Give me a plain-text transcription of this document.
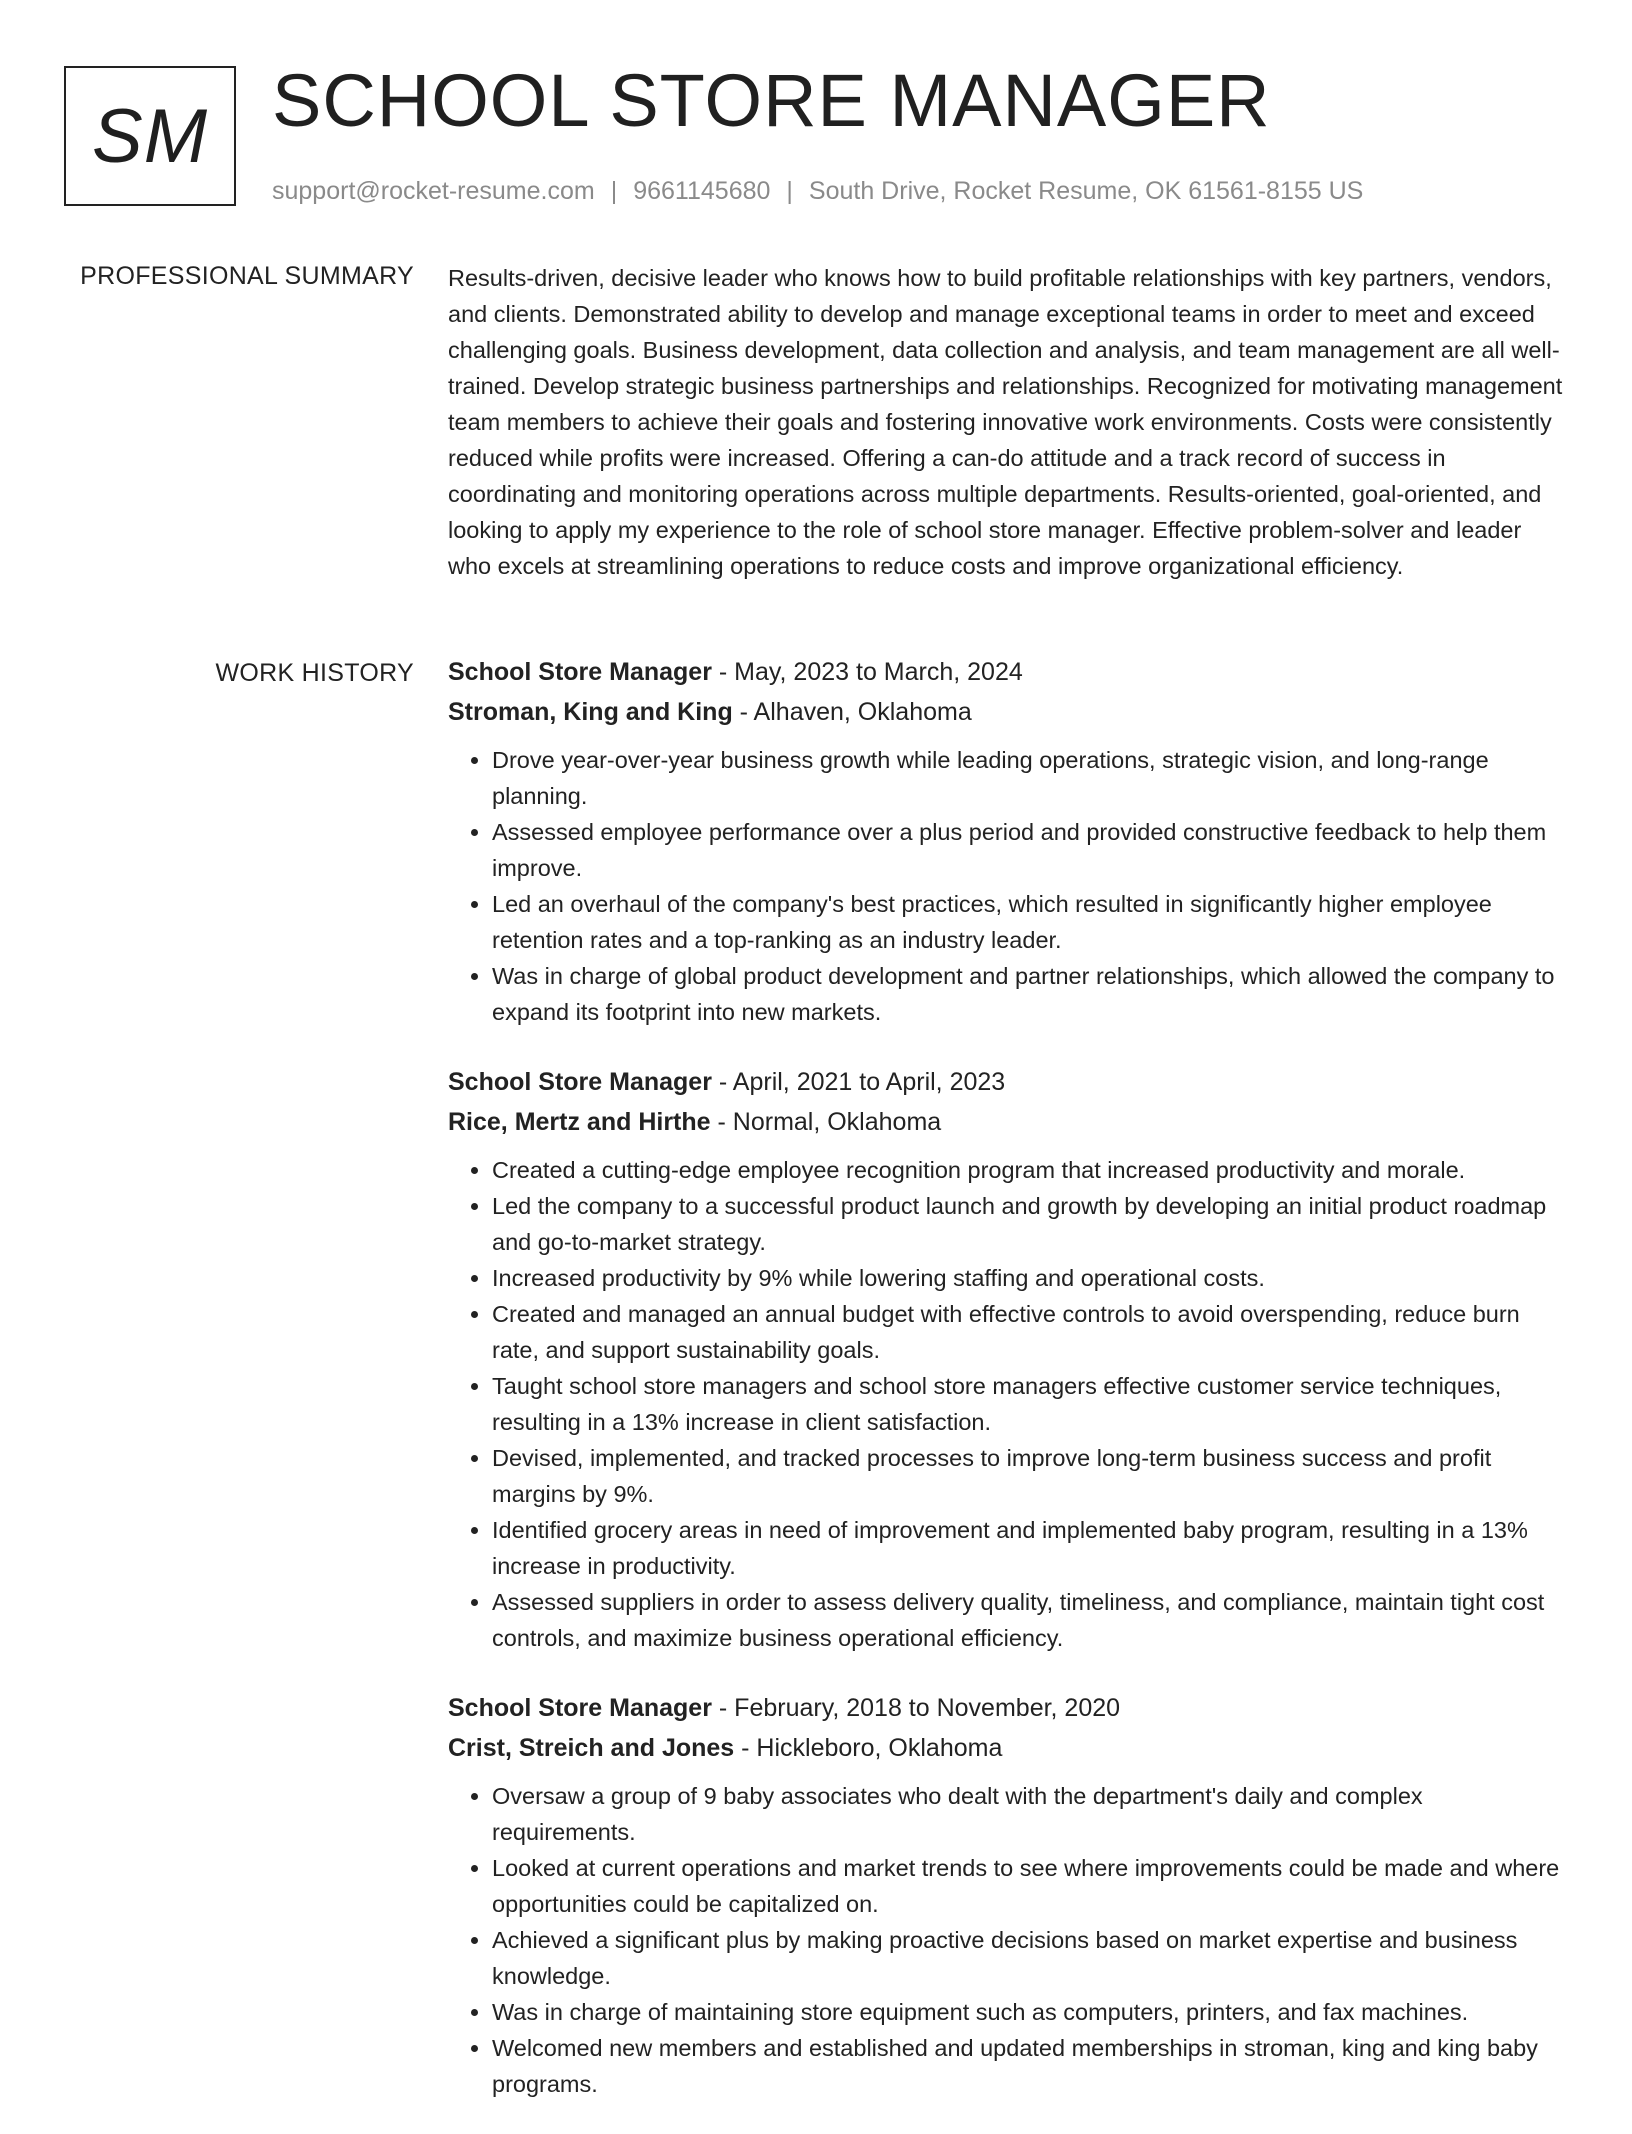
SM SCHOOL STORE MANAGER
support@rocket-resume.com | 9661145680 | South Drive, Rocket Resume, OK 61561-8155 US
PROFESSIONAL SUMMARY Results-driven, decisive leader who knows how to build profitable relationships with key partners, vendors, and clients. Demonstrated ability to develop and manage exceptional teams in order to meet and exceed challenging goals. Business development, data collection and analysis, and team management are all well-trained. Develop strategic business partnerships and relationships. Recognized for motivating management team members to achieve their goals and fostering innovative work environments. Costs were consistently reduced while profits were increased. Offering a can-do attitude and a track record of success in coordinating and monitoring operations across multiple departments. Results-oriented, goal-oriented, and looking to apply my experience to the role of school store manager. Effective problem-solver and leader who excels at streamlining operations to reduce costs and improve organizational efficiency.

WORK HISTORY School Store Manager - May, 2023 to March, 2024
Stroman, King and King - Alhaven, Oklahoma
• Drove year-over-year business growth while leading operations, strategic vision, and long-range planning.
• Assessed employee performance over a plus period and provided constructive feedback to help them improve.
• Led an overhaul of the company's best practices, which resulted in significantly higher employee retention rates and a top-ranking as an industry leader.
• Was in charge of global product development and partner relationships, which allowed the company to expand its footprint into new markets.
School Store Manager - April, 2021 to April, 2023
Rice, Mertz and Hirthe - Normal, Oklahoma
• Created a cutting-edge employee recognition program that increased productivity and morale.
• Led the company to a successful product launch and growth by developing an initial product roadmap and go-to-market strategy.
• Increased productivity by 9% while lowering staffing and operational costs.
• Created and managed an annual budget with effective controls to avoid overspending, reduce burn rate, and support sustainability goals.
• Taught school store managers and school store managers effective customer service techniques, resulting in a 13% increase in client satisfaction.
• Devised, implemented, and tracked processes to improve long-term business success and profit margins by 9%.
• Identified grocery areas in need of improvement and implemented baby program, resulting in a 13% increase in productivity.
• Assessed suppliers in order to assess delivery quality, timeliness, and compliance, maintain tight cost controls, and maximize business operational efficiency.
School Store Manager - February, 2018 to November, 2020
Crist, Streich and Jones - Hickleboro, Oklahoma
• Oversaw a group of 9 baby associates who dealt with the department's daily and complex requirements.
• Looked at current operations and market trends to see where improvements could be made and where opportunities could be capitalized on.
• Achieved a significant plus by making proactive decisions based on market expertise and business knowledge.
• Was in charge of maintaining store equipment such as computers, printers, and fax machines.
• Welcomed new members and established and updated memberships in stroman, king and king baby programs.
